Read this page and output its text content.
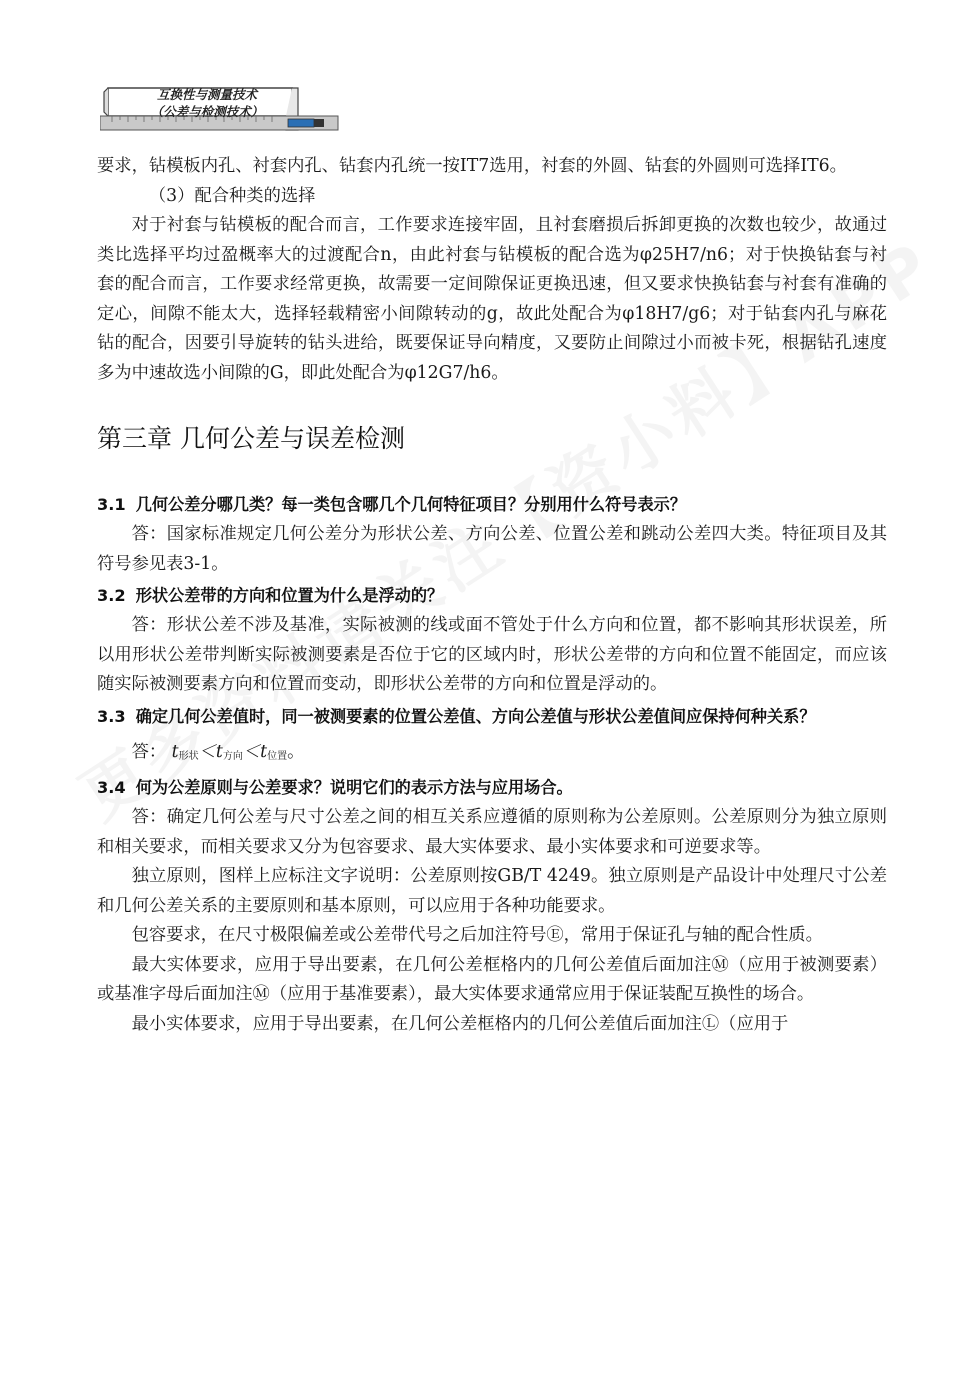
互换性与测量技术
（公差与检测技术）

要求，钻模板内孔、衬套内孔、钻套内孔统一按IT7选用，衬套的外圆、钻套的外圆则可选择IT6。

（3）配合种类的选择

对于衬套与钻模板的配合而言，工作要求连接牢固，且衬套磨损后拆卸更换的次数也较少，故通过类比选择平均过盈概率大的过渡配合n，由此衬套与钻模板的配合选为φ25H7/n6；对于快换钻套与衬套的配合而言，工作要求经常更换，故需要一定间隙保证更换迅速，但又要求快换钻套与衬套有准确的定心，间隙不能太大，选择轻载精密小间隙转动的g，故此处配合为φ18H7/g6；对于钻套内孔与麻花钻的配合，因要引导旋转的钻头进给，既要保证导向精度，又要防止间隙过小而被卡死，根据钻孔速度多为中速故选小间隙的G，即此处配合为φ12G7/h6。

第三章 几何公差与误差检测
3.1 几何公差分哪几类？每一类包含哪几个几何特征项目？分别用什么符号表示？

答：国家标准规定几何公差分为形状公差、方向公差、位置公差和跳动公差四大类。特征项目及其符号参见表3-1。

3.2 形状公差带的方向和位置为什么是浮动的？

答：形状公差不涉及基准，实际被测的线或面不管处于什么方向和位置，都不影响其形状误差，所以用形状公差带判断实际被测要素是否位于它的区域内时，形状公差带的方向和位置不能固定，而应该随实际被测要素方向和位置而变动，即形状公差带的方向和位置是浮动的。

3.3 确定几何公差值时，同一被测要素的位置公差值、方向公差值与形状公差值间应保持何种关系？

答： $t_{形状}<t_{方向}<t_{位置}$。

3.4 何为公差原则与公差要求？说明它们的表示方法与应用场合。

答：确定几何公差与尺寸公差之间的相互关系应遵循的原则称为公差原则。公差原则分为独立原则和相关要求，而相关要求又分为包容要求、最大实体要求、最小实体要求和可逆要求等。

独立原则，图样上应标注文字说明：公差原则按GB/T 4249。独立原则是产品设计中处理尺寸公差和几何公差关系的主要原则和基本原则，可以应用于各种功能要求。

包容要求，在尺寸极限偏差或公差带代号之后加注符号Ⓔ，常用于保证孔与轴的配合性质。

最大实体要求，应用于导出要素，在几何公差框格内的几何公差值后面加注Ⓜ（应用于被测要素）或基准字母后面加注Ⓜ（应用于基准要素），最大实体要求通常应用于保证装配互换性的场合。

最小实体要求，应用于导出要素，在几何公差框格内的几何公差值后面加注Ⓛ（应用于
